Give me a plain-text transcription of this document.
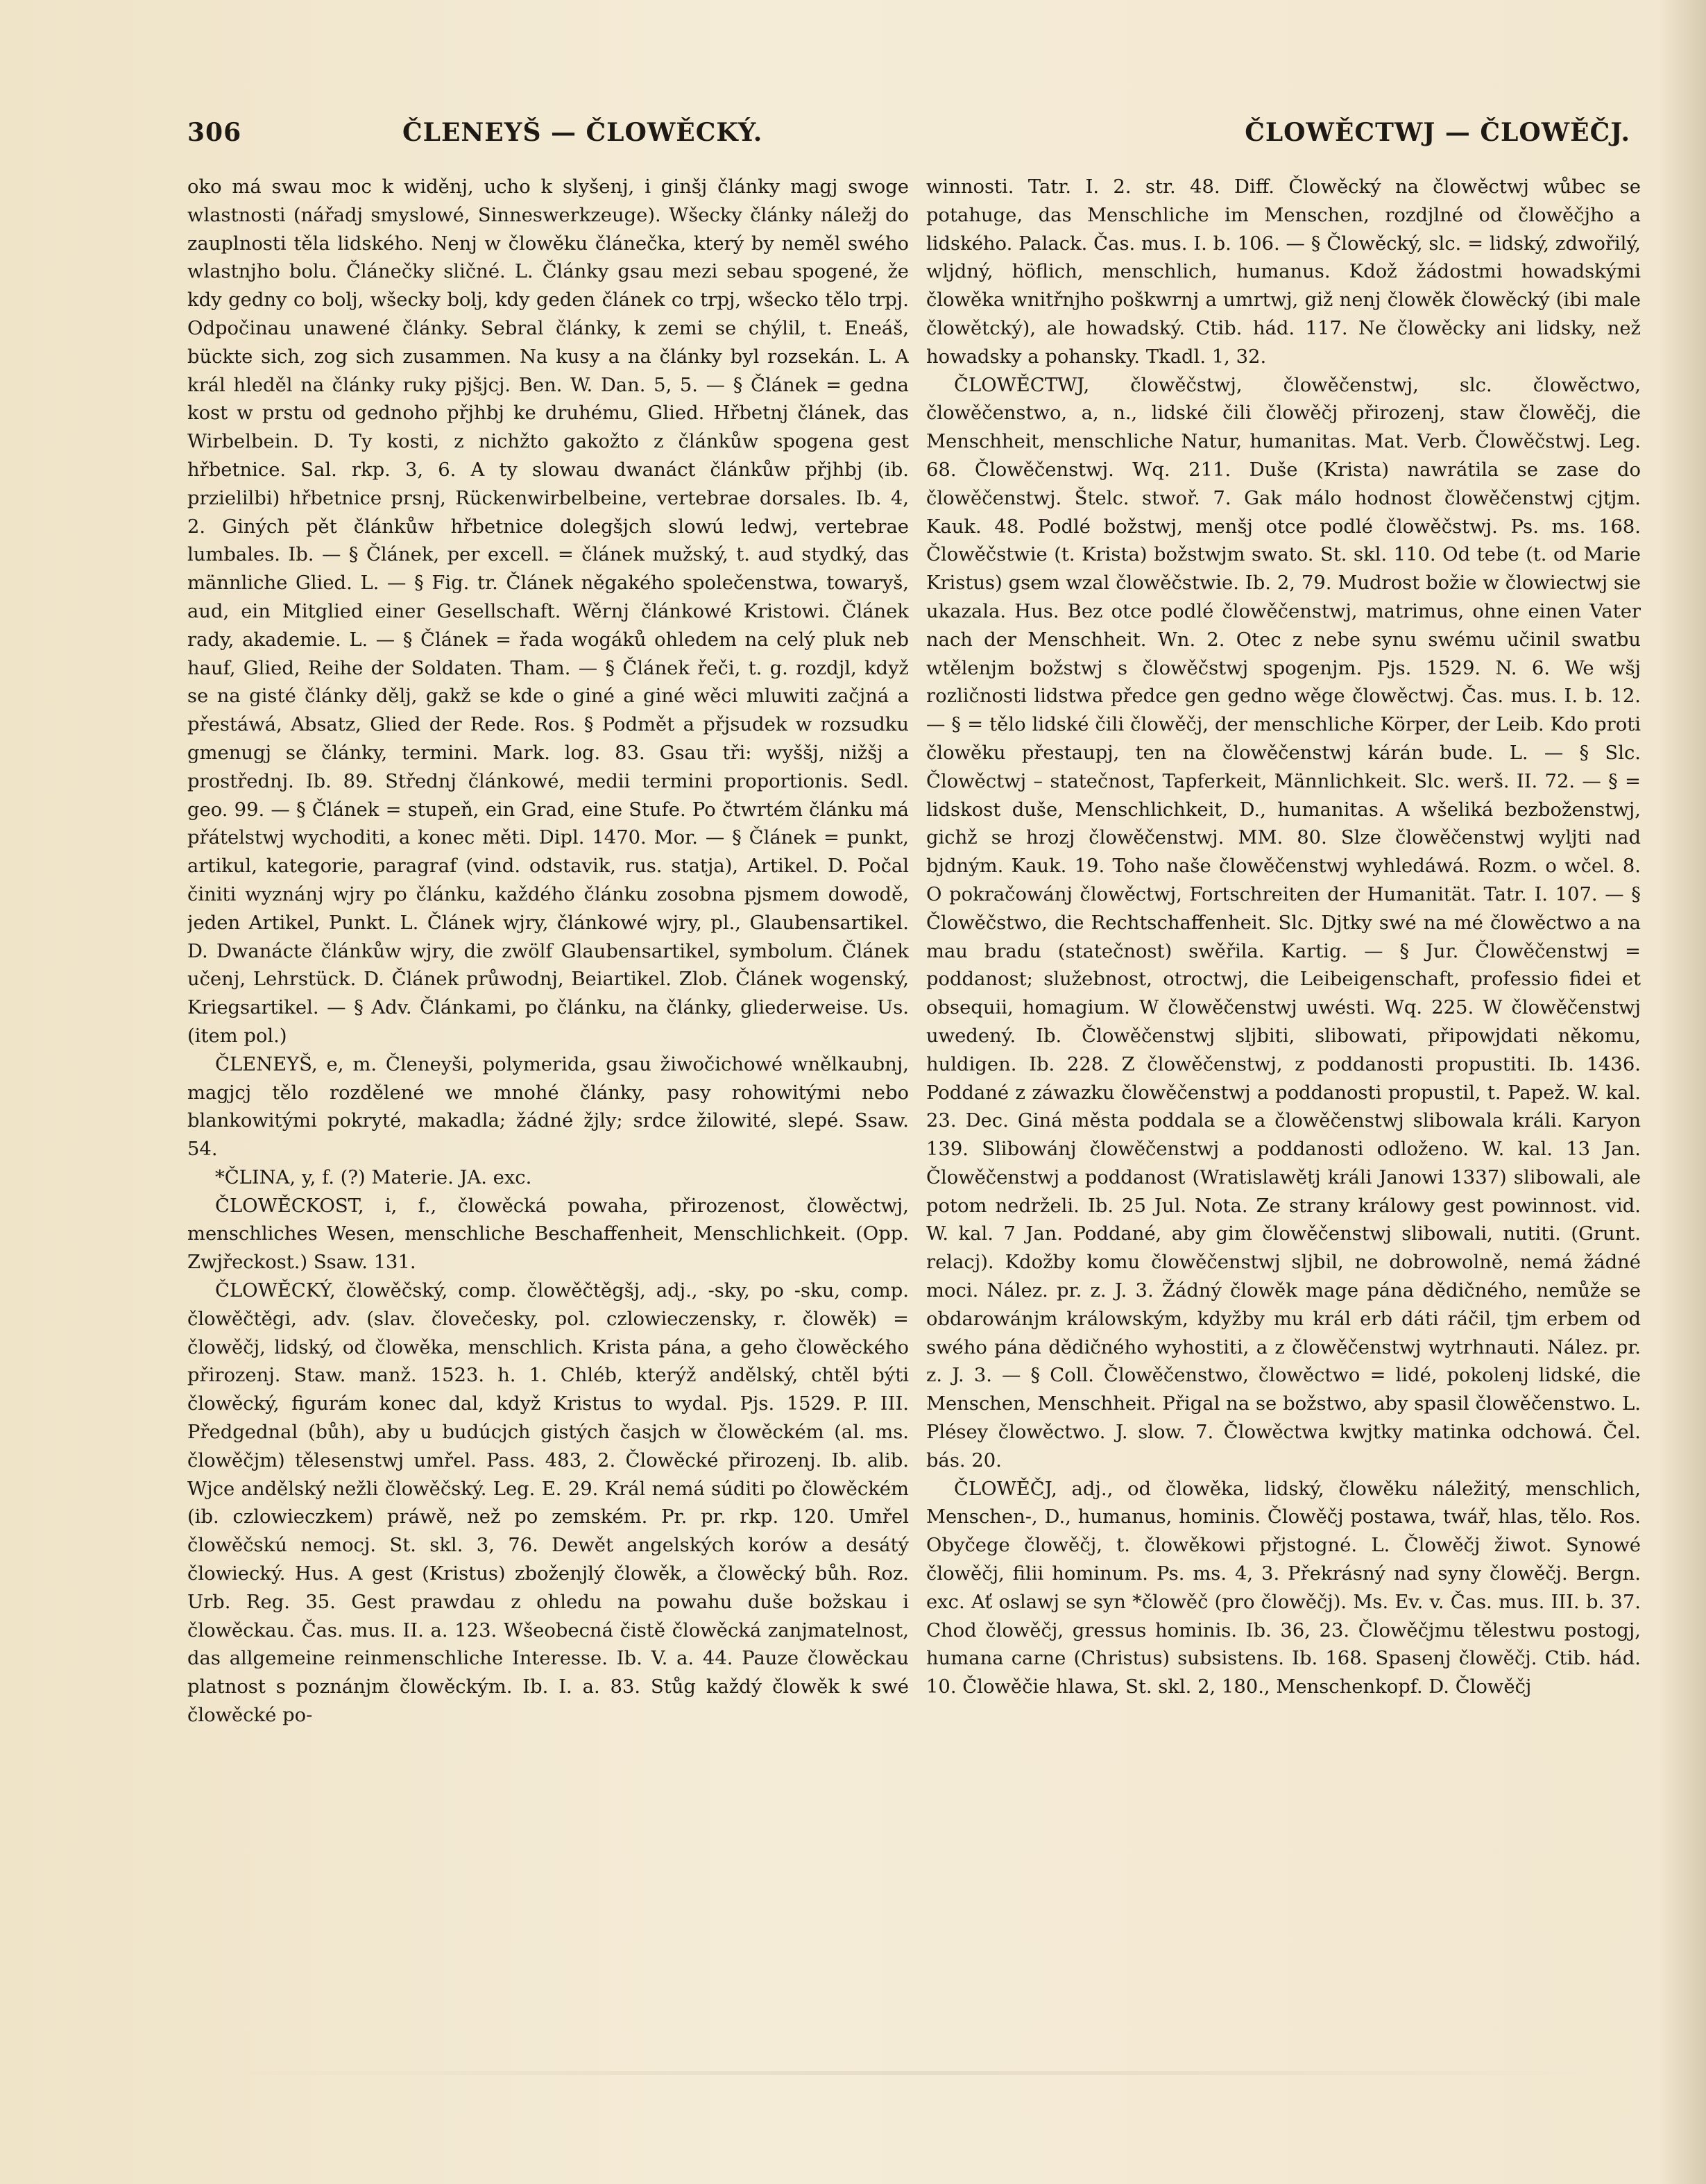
306	ČLENEYŠ — ČLOWĚCKÝ.	ČLOWĚCTWJ — ČLOWĚČJ.

oko má swau moc k widěnj, ucho k slyšenj, i ginšj články magj swoge wlastnosti (nářadj smyslowé, Sinneswerkzeuge). Wšecky články náležj do zauplnosti těla lidského. Nenj w člowěku článečka, který by neměl swého wlastnjho bolu. Článečky sličné. L. Články gsau mezi sebau spogené, že kdy gedny co bolj, wšecky bolj, kdy geden článek co trpj, wšecko tělo trpj. Odpočinau unawené články. Sebral články, k zemi se chýlil, t. Eneáš, bückte sich, zog sich zusammen. Na kusy a na články byl rozsekán. L. A král hleděl na články ruky pjšjcj. Ben. W. Dan. 5, 5. — § Článek = gedna kost w prstu od gednoho přjhbj ke druhému, Glied. Hřbetnj článek, das Wirbelbein. D. Ty kosti, z nichžto gakožto z článkůw spogena gest hřbetnice. Sal. rkp. 3, 6. A ty slowau dwanáct článkůw přjhbj (ib. przielilbi) hřbetnice prsnj, Rückenwirbelbeine, vertebrae dorsales. Ib. 4, 2. Giných pět článkůw hřbetnice dolegšjch slowú ledwj, vertebrae lumbales. Ib. — § Článek, per excell. = článek mužský, t. aud stydký, das männliche Glied. L. — § Fig. tr. Článek něgakého společenstwa, towaryš, aud, ein Mitglied einer Gesellschaft. Wěrnj článkowé Kristowi. Článek rady, akademie. L. — § Článek = řada wogáků ohledem na celý pluk neb hauf, Glied, Reihe der Soldaten. Tham. — § Článek řeči, t. g. rozdjl, když se na gisté články dělj, gakž se kde o giné a giné wěci mluwiti začjná a přestáwá, Absatz, Glied der Rede. Ros. § Podmět a přjsudek w rozsudku gmenugj se články, termini. Mark. log. 83. Gsau tři: wyššj, nižšj a prostřednj. Ib. 89. Střednj článkowé, medii termini proportionis. Sedl. geo. 99. — § Článek = stupeň, ein Grad, eine Stufe. Po čtwrtém článku má přátelstwj wychoditi, a konec měti. Dipl. 1470. Mor. — § Článek = punkt, artikul, kategorie, paragraf (vind. odstavik, rus. statja), Artikel. D. Počal činiti wyznánj wjry po článku, každého článku zosobna pjsmem dowodě, jeden Artikel, Punkt. L. Článek wjry, článkowé wjry, pl., Glaubensartikel. D. Dwanácte článkůw wjry, die zwölf Glaubensartikel, symbolum. Článek učenj, Lehrstück. D. Článek průwodnj, Beiartikel. Zlob. Článek wogenský, Kriegsartikel. — § Adv. Článkami, po článku, na články, gliederweise. Us. (item pol.)

ČLENEYŠ, e, m. Členeyši, polymerida, gsau žiwočichowé wnělkaubnj, magjcj tělo rozdělené we mnohé články, pasy rohowitými nebo blankowitými pokryté, makadla; žádné žjly; srdce žilowité, slepé. Ssaw. 54.

*ČLINA, y, f. (?) Materie. JA. exc.

ČLOWĚCKOST, i, f., člowěcká powaha, přirozenost, člowěctwj, menschliches Wesen, menschliche Beschaffenheit, Menschlichkeit. (Opp. Zwjřeckost.) Ssaw. 131.

ČLOWĚCKÝ, člowěčský, comp. člowěčtěgšj, adj., -sky, po -sku, comp. člowěčtěgi, adv. (slav. človečesky, pol. czlowieczensky, r. člowěk) = člowěčj, lidský, od člowěka, menschlich. Krista pána, a geho člowěckého přirozenj. Staw. manž. 1523. h. 1. Chléb, kterýž andělský, chtěl býti člowěcký, figurám konec dal, když Kristus to wydal. Pjs. 1529. P. III. Předgednal (bůh), aby u budúcjch gistých časjch w člowěckém (al. ms. člowěčjm) tělesenstwj umřel. Pass. 483, 2. Člowěcké přirozenj. Ib. alib. Wjce andělský nežli člowěčský. Leg. E. 29. Král nemá súditi po člowěckém (ib. czlowieczkem) práwě, než po zemském. Pr. pr. rkp. 120. Umřel člowěčskú nemocj. St. skl. 3, 76. Dewět angelských korów a desátý člowiecký. Hus. A gest (Kristus) zboženjlý člowěk, a člowěcký bůh. Roz. Urb. Reg. 35. Gest prawdau z ohledu na powahu duše božskau i člowěckau. Čas. mus. II. a. 123. Wšeobecná čistě člowěcká zanjmatelnost, das allgemeine reinmenschliche Interesse. Ib. V. a. 44. Pauze člowěckau platnost s poznánjm člowěckým. Ib. I. a. 83. Stůg každý člowěk k swé člowěcké po-

winnosti. Tatr. I. 2. str. 48. Diff. Člowěcký na člowěctwj wůbec se potahuge, das Menschliche im Menschen, rozdjlné od člowěčjho a lidského. Palack. Čas. mus. I. b. 106. — § Člowěcký, slc. = lidský, zdwořilý, wljdný, höflich, menschlich, humanus. Kdož žádostmi howadskými člowěka wnitřnjho poškwrnj a umrtwj, giž nenj člowěk člowěcký (ibi male člowětcký), ale howadský. Ctib. hád. 117. Ne člowěcky ani lidsky, než howadsky a pohansky. Tkadl. 1, 32.

ČLOWĚCTWJ, člowěčstwj, člowěčenstwj, slc. člowěctwo, člowěčenstwo, a, n., lidské čili člowěčj přirozenj, staw člowěčj, die Menschheit, menschliche Natur, humanitas. Mat. Verb. Člowěčstwj. Leg. 68. Člowěčenstwj. Wq. 211. Duše (Krista) nawrátila se zase do člowěčenstwj. Štelc. stwoř. 7. Gak málo hodnost člowěčenstwj cjtjm. Kauk. 48. Podlé božstwj, menšj otce podlé člowěčstwj. Ps. ms. 168. Člowěčstwie (t. Krista) božstwjm swato. St. skl. 110. Od tebe (t. od Marie Kristus) gsem wzal člowěčstwie. Ib. 2, 79. Mudrost božie w člowiectwj sie ukazala. Hus. Bez otce podlé člowěčenstwj, matrimus, ohne einen Vater nach der Menschheit. Wn. 2. Otec z nebe synu swému učinil swatbu wtělenjm božstwj s člowěčstwj spogenjm. Pjs. 1529. N. 6. We wšj rozličnosti lidstwa předce gen gedno wěge člowěctwj. Čas. mus. I. b. 12. — § = tělo lidské čili člowěčj, der menschliche Körper, der Leib. Kdo proti člowěku přestaupj, ten na člowěčenstwj kárán bude. L. — § Slc. Člowěctwj – statečnost, Tapferkeit, Männlichkeit. Slc. werš. II. 72. — § = lidskost duše, Menschlichkeit, D., humanitas. A wšeliká bezboženstwj, gichž se hrozj člowěčenstwj. MM. 80. Slze člowěčenstwj wyljti nad bjdným. Kauk. 19. Toho naše člowěčenstwj wyhledáwá. Rozm. o wčel. 8. O pokračowánj člowěctwj, Fortschreiten der Humanität. Tatr. I. 107. — § Člowěčstwo, die Rechtschaffenheit. Slc. Djtky swé na mé člowěctwo a na mau bradu (statečnost) swěřila. Kartig. — § Jur. Člowěčenstwj = poddanost; služebnost, otroctwj, die Leibeigenschaft, professio fidei et obsequii, homagium. W člowěčenstwj uwésti. Wq. 225. W člowěčenstwj uwedený. Ib. Člowěčenstwj sljbiti, slibowati, připowjdati někomu, huldigen. Ib. 228. Z člowěčenstwj, z poddanosti propustiti. Ib. 1436. Poddané z záwazku člowěčenstwj a poddanosti propustil, t. Papež. W. kal. 23. Dec. Giná města poddala se a člowěčenstwj slibowala králi. Karyon 139. Slibowánj člowěčenstwj a poddanosti odloženo. W. kal. 13 Jan. Člowěčenstwj a poddanost (Wratislawětj králi Janowi 1337) slibowali, ale potom nedrželi. Ib. 25 Jul. Nota. Ze strany králowy gest powinnost. vid. W. kal. 7 Jan. Poddané, aby gim člowěčenstwj slibowali, nutiti. (Grunt. relacj). Kdožby komu člowěčenstwj sljbil, ne dobrowolně, nemá žádné moci. Nález. pr. z. J. 3. Žádný člowěk mage pána dědičného, nemůže se obdarowánjm králowským, kdyžby mu král erb dáti ráčil, tjm erbem od swého pána dědičného wyhostiti, a z člowěčenstwj wytrhnauti. Nález. pr. z. J. 3. — § Coll. Člowěčenstwo, člowěctwo = lidé, pokolenj lidské, die Menschen, Menschheit. Přigal na se božstwo, aby spasil člowěčenstwo. L. Plésey člowěctwo. J. slow. 7. Člowěctwa kwjtky matinka odchowá. Čel. bás. 20.

ČLOWĚČJ, adj., od člowěka, lidský, člowěku náležitý, menschlich, Menschen-, D., humanus, hominis. Člowěčj postawa, twář, hlas, tělo. Ros. Obyčege člowěčj, t. člowěkowi přjstogné. L. Člowěčj žiwot. Synowé člowěčj, filii hominum. Ps. ms. 4, 3. Překrásný nad syny člowěčj. Bergn. exc. Ať oslawj se syn *člowěč (pro člowěčj). Ms. Ev. v. Čas. mus. III. b. 37. Chod člowěčj, gressus hominis. Ib. 36, 23. Člowěčjmu tělestwu postogj, humana carne (Christus) subsistens. Ib. 168. Spasenj člowěčj. Ctib. hád. 10. Člowěčie hlawa, St. skl. 2, 180., Menschenkopf. D. Člowěčj
